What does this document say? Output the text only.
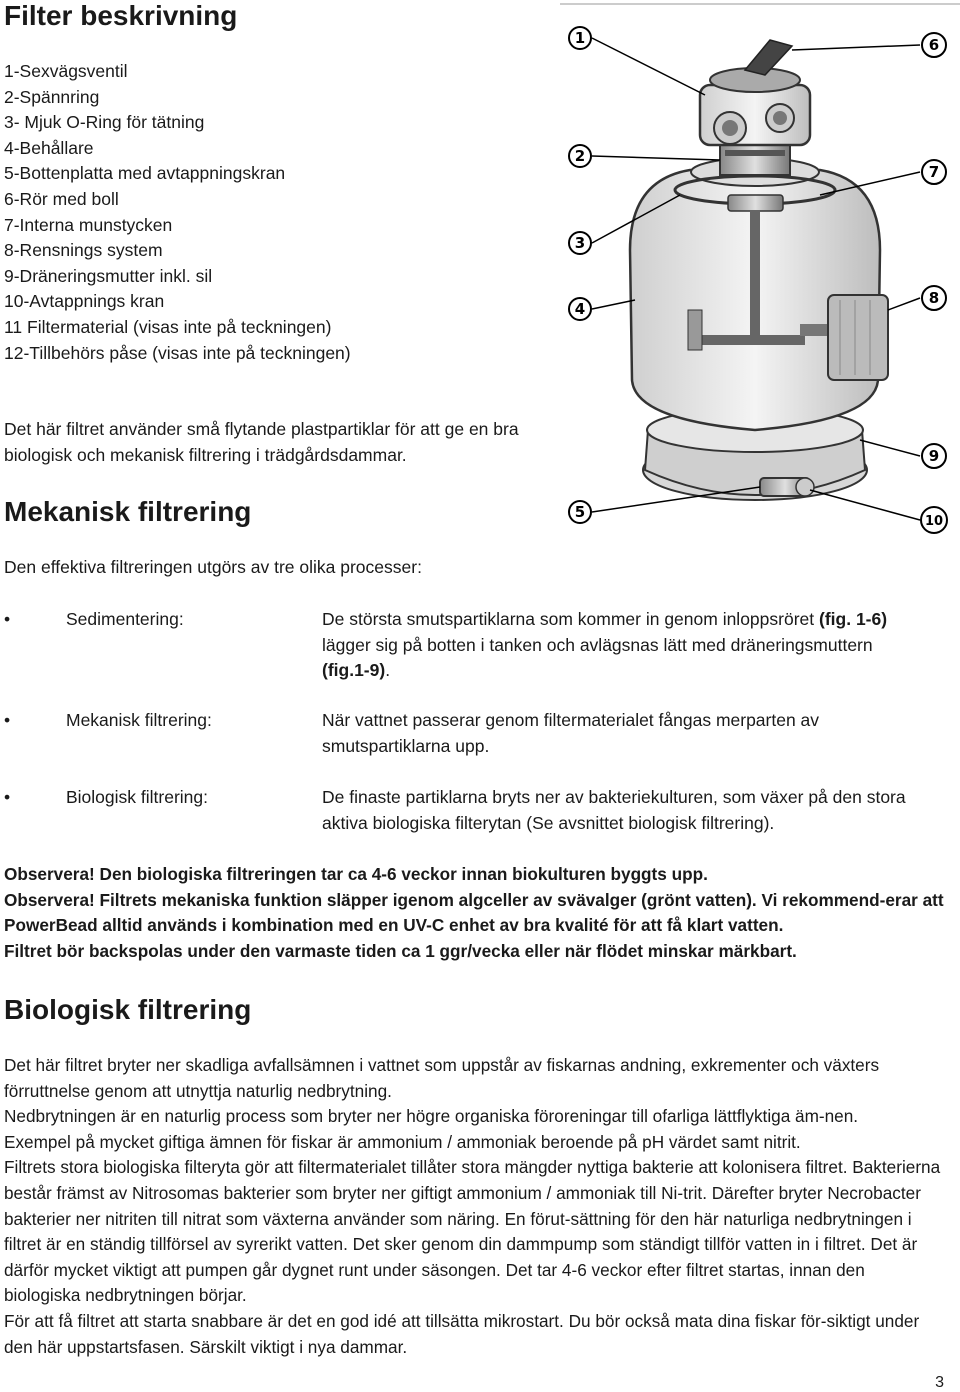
Filter beskrivning
1-Sexvägsventil
2-Spännring
3- Mjuk O-Ring för tätning
4-Behållare
5-Bottenplatta med avtappningskran
6-Rör med boll
7-Interna munstycken
8-Rensnings system
9-Dräneringsmutter inkl. sil
10-Avtappnings kran
11 Filtermaterial (visas inte på teckningen)
12-Tillbehörs påse (visas inte på teckningen)
Det här filtret använder små flytande plastpartiklar för att ge en bra biologisk och mekanisk filtrering i trädgårdsdammar.
1
2
3
4
5
6
7
8
9
10
Mekanisk filtrering
Den effektiva filtreringen utgörs av tre olika processer:
•	Sedimentering:	De största smutspartiklarna som kommer in genom inloppsröret (fig. 1-6) lägger sig på botten i tanken och avlägsnas lätt med dräneringsmuttern (fig.1-9).
•	Mekanisk filtrering:	När vattnet passerar genom filtermaterialet fångas merparten av smutspartiklarna upp.
•	Biologisk filtrering:	De finaste partiklarna bryts ner av bakteriekulturen, som växer på den stora aktiva biologiska filterytan (Se avsnittet biologisk filtrering).

Observera! Den biologiska filtreringen tar ca 4-6 veckor innan biokulturen byggts upp.

Observera! Filtrets mekaniska funktion släpper igenom algceller av svävalger (grönt vatten). Vi rekommend-erar att PowerBead alltid används i kombination med en UV-C enhet av bra kvalité för att få klart vatten.

Filtret bör backspolas under den varmaste tiden ca 1 ggr/vecka eller när flödet minskar märkbart.

Biologisk filtrering

Det här filtret bryter ner skadliga avfallsämnen i vattnet som uppstår av fiskarnas andning, exkrementer och växters förruttnelse genom att utnyttja naturlig nedbrytning.

Nedbrytningen är en naturlig process som bryter ner högre organiska föroreningar till ofarliga lättflyktiga äm-nen.

Exempel på mycket giftiga ämnen för fiskar är ammonium / ammoniak beroende på pH värdet samt nitrit.

Filtrets stora biologiska filteryta gör att filtermaterialet tillåter stora mängder nyttiga bakterie att kolonisera filtret. Bakterierna består främst av Nitrosomas bakterier som bryter ner giftigt ammonium / ammoniak till Ni-trit. Därefter bryter Necrobacter bakterier ner nitriten till nitrat som växterna använder som näring. En förut-sättning för den här naturliga nedbrytningen i filtret är en ständig tillförsel av syrerikt vatten. Det sker genom din dammpump som ständigt tillför vatten in i filtret. Det är därför mycket viktigt att pumpen går dygnet runt under säsongen. Det tar 4-6 veckor efter filtret startas, innan den biologiska nedbrytningen börjar.

För att få filtret att starta snabbare är det en god idé att tillsätta mikrostart. Du bör också mata dina fiskar för-siktigt under den här uppstartsfasen. Särskilt viktigt i nya dammar.

3
